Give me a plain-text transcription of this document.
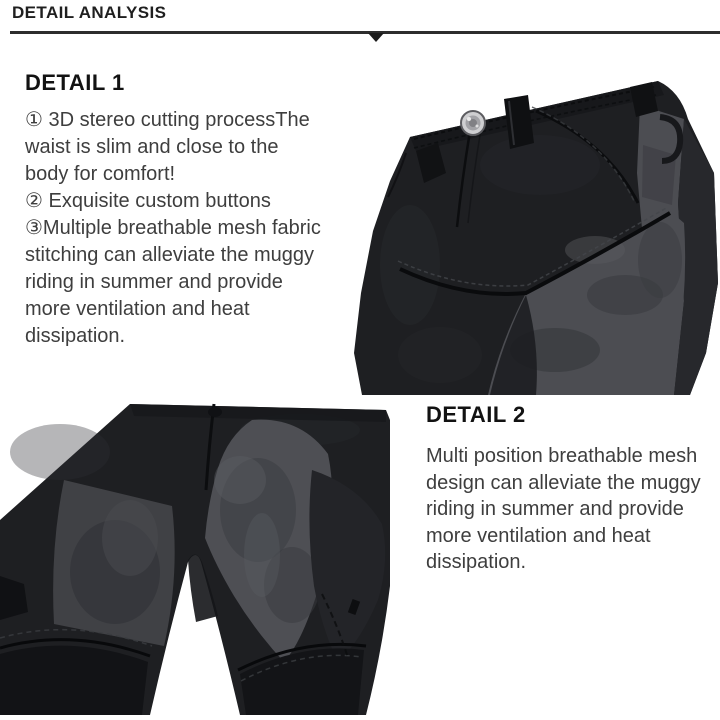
DETAIL ANALYSIS
DETAIL 1
① 3D stereo cutting processThe
waist is slim and close to the
body for comfort!
② Exquisite custom buttons
③Multiple breathable mesh fabric
stitching can alleviate the muggy
riding in summer and provide
more ventilation and heat
dissipation.
DETAIL 2
Multi position breathable mesh
design can alleviate the muggy
riding in summer and provide
more ventilation and heat
dissipation.
